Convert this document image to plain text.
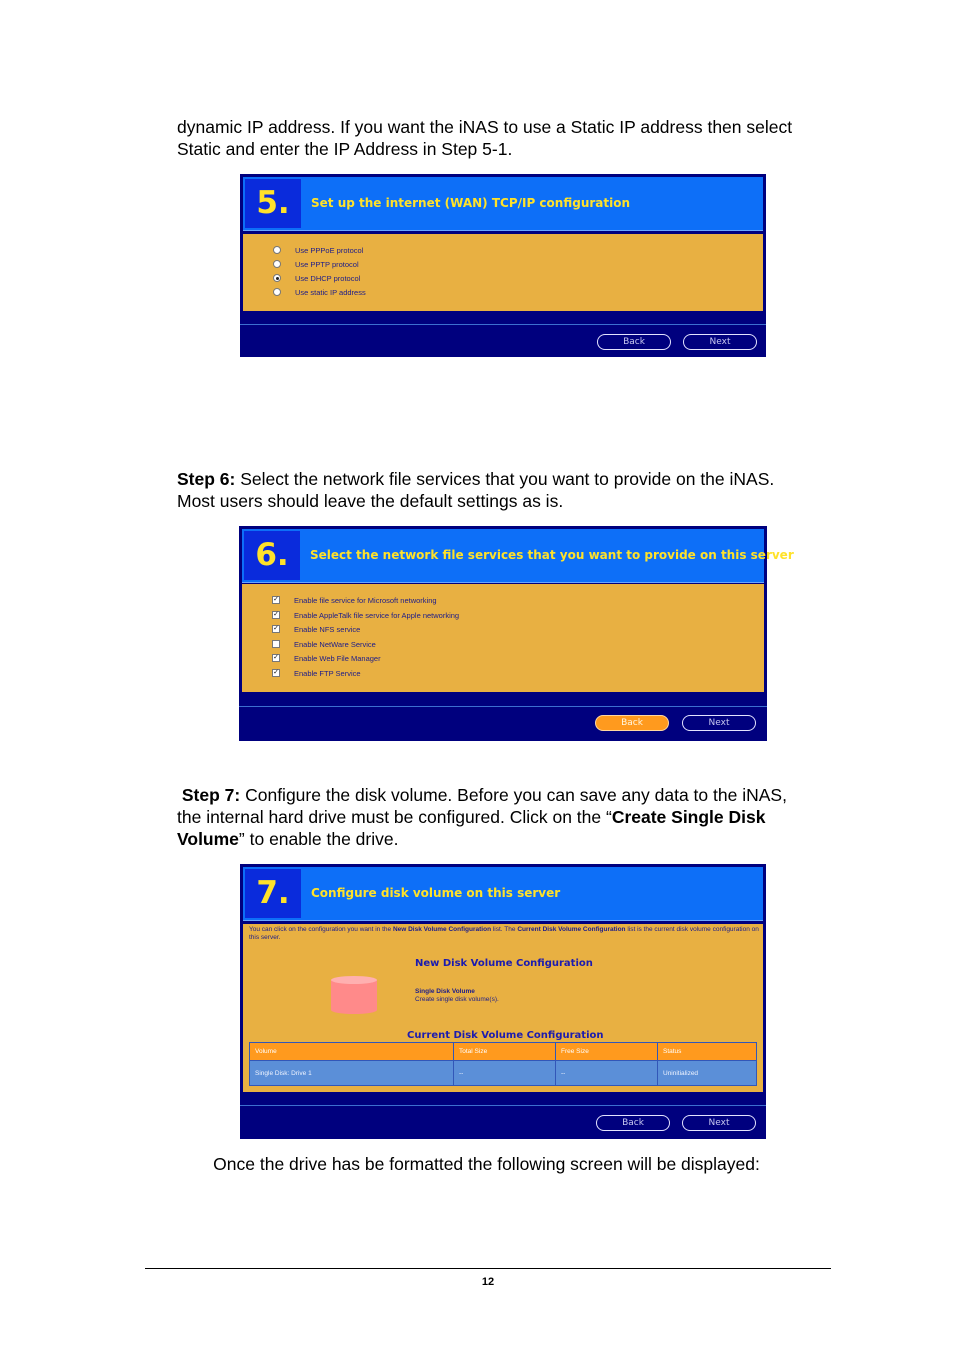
dynamic IP address. If you want the iNAS to use a Static IP address then select Static and enter the IP Address in Step 5-1.

5.	Set up the internet (WAN) TCP/IP configuration
Use PPPoE protocol
Use PPTP protocol
Use DHCP protocol
Use static IP address
Back	Next

Step 6: Select the network file services that you want to provide on the iNAS. Most users should leave the default settings as is.

6.	Select the network file services that you want to provide on this server
✓ Enable file service for Microsoft networking
✓ Enable AppleTalk file service for Apple networking
✓ Enable NFS service
Enable NetWare Service
✓ Enable Web File Manager
✓ Enable FTP Service
Back	Next

Step 7: Configure the disk volume. Before you can save any data to the iNAS, the internal hard drive must be configured. Click on the “Create Single Disk Volume” to enable the drive.

7.	Configure disk volume on this server
You can click on the configuration you want in the New Disk Volume Configuration list. The Current Disk Volume Configuration list is the current disk volume configuration on this server.
New Disk Volume Configuration
Single Disk Volume
Create single disk volume(s).
Current Disk Volume Configuration
Volume	Total Size	Free Size	Status
Single Disk: Drive 1	--	--	Uninitialized
Back	Next

Once the drive has be formatted the following screen will be displayed:

12
